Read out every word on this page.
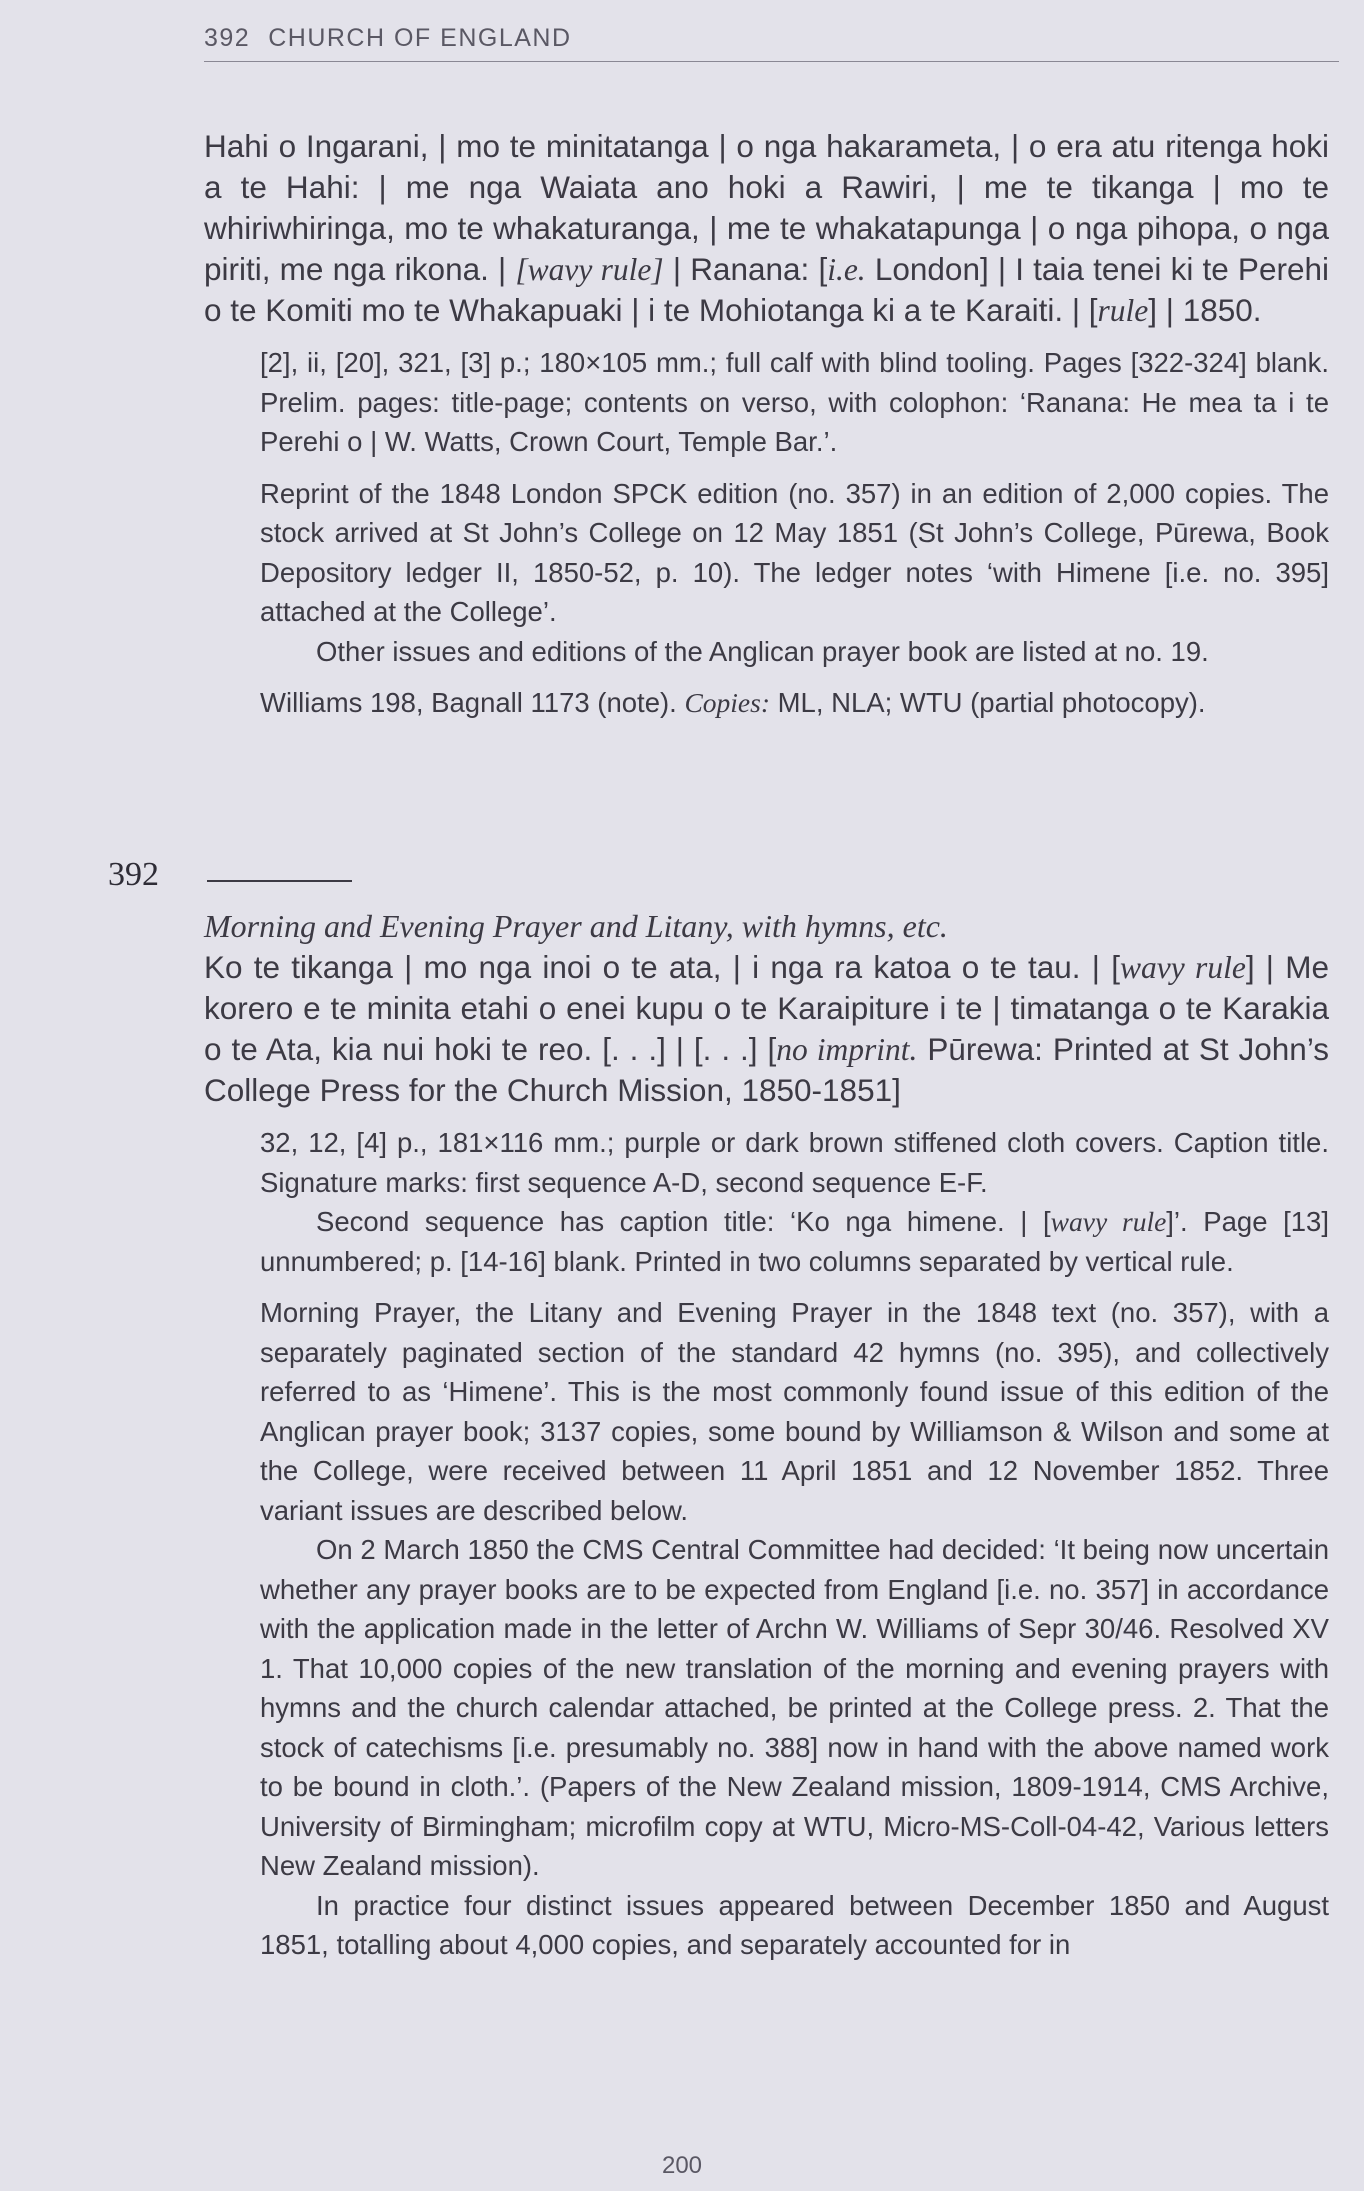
392 CHURCH OF ENGLAND

Hahi o Ingarani, | mo te minitatanga | o nga hakarameta, | o era atu ritenga hoki a te Hahi: | me nga Waiata ano hoki a Rawiri, | me te tikanga | mo te whiriwhiringa, mo te whakaturanga, | me te whakatapunga | o nga pihopa, o nga piriti, me nga rikona. | [wavy rule] | Ranana: [i.e. London] | I taia tenei ki te Perehi o te Komiti mo te Whakapuaki | i te Mohiotanga ki a te Karaiti. | [rule] | 1850.

[2], ii, [20], 321, [3] p.; 180×105 mm.; full calf with blind tooling. Pages [322-324] blank. Prelim. pages: title-page; contents on verso, with colophon: ‘Ranana: He mea ta i te Perehi o | W. Watts, Crown Court, Temple Bar.’.

Reprint of the 1848 London SPCK edition (no. 357) in an edition of 2,000 copies. The stock arrived at St John’s College on 12 May 1851 (St John’s College, Pūrewa, Book Depository ledger II, 1850-52, p. 10). The ledger notes ‘with Himene [i.e. no. 395] attached at the College’.

Other issues and editions of the Anglican prayer book are listed at no. 19.

Williams 198, Bagnall 1173 (note). Copies: ML, NLA; WTU (partial photocopy).

392

Morning and Evening Prayer and Litany, with hymns, etc.

Ko te tikanga | mo nga inoi o te ata, | i nga ra katoa o te tau. | [wavy rule] | Me korero e te minita etahi o enei kupu o te Karaipiture i te | timatanga o te Karakia o te Ata, kia nui hoki te reo. [. . .] | [. . .] [no imprint. Pūrewa: Printed at St John’s College Press for the Church Mission, 1850-1851]

32, 12, [4] p., 181×116 mm.; purple or dark brown stiffened cloth covers. Caption title. Signature marks: first sequence A-D, second sequence E-F.

Second sequence has caption title: ‘Ko nga himene. | [wavy rule]’. Page [13] unnumbered; p. [14-16] blank. Printed in two columns separated by vertical rule.

Morning Prayer, the Litany and Evening Prayer in the 1848 text (no. 357), with a separately paginated section of the standard 42 hymns (no. 395), and collectively referred to as ‘Himene’. This is the most commonly found issue of this edition of the Anglican prayer book; 3137 copies, some bound by Williamson & Wilson and some at the College, were received between 11 April 1851 and 12 November 1852. Three variant issues are described below.

On 2 March 1850 the CMS Central Committee had decided: ‘It being now uncertain whether any prayer books are to be expected from England [i.e. no. 357] in accordance with the application made in the letter of Archn W. Williams of Sepr 30/46. Resolved XV 1. That 10,000 copies of the new translation of the morning and evening prayers with hymns and the church calendar attached, be printed at the College press. 2. That the stock of catechisms [i.e. presumably no. 388] now in hand with the above named work to be bound in cloth.’. (Papers of the New Zealand mission, 1809-1914, CMS Archive, University of Birmingham; microfilm copy at WTU, Micro-MS-Coll-04-42, Various letters New Zealand mission).

In practice four distinct issues appeared between December 1850 and August 1851, totalling about 4,000 copies, and separately accounted for in

200
